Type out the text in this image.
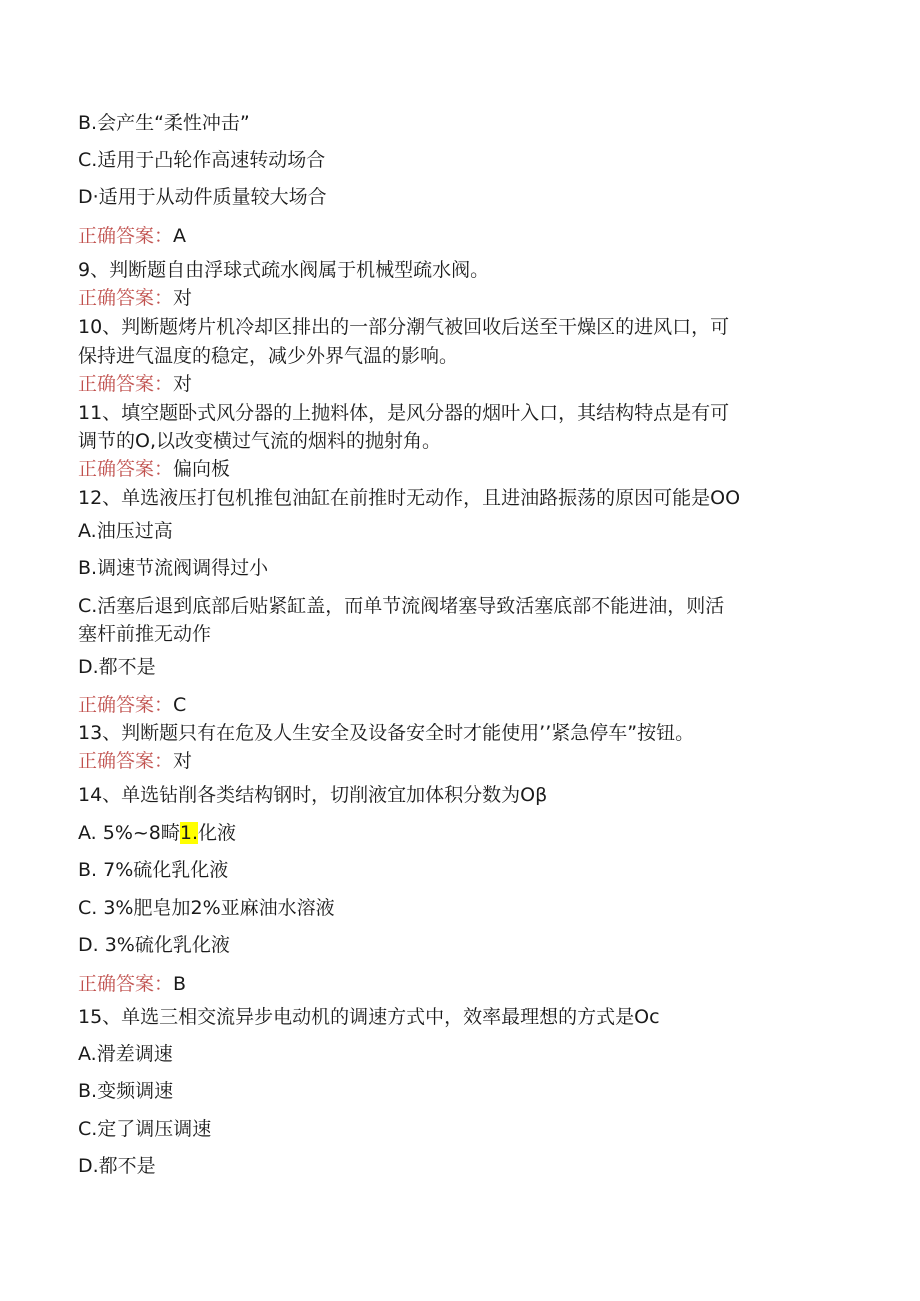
B.会产生“柔性冲击”
C.适用于凸轮作高速转动场合
D·适用于从动件质量较大场合
正确答案：A
9、判断题自由浮球式疏水阀属于机械型疏水阀。
正确答案：对
10、判断题烤片机冷却区排出的一部分潮气被回收后送至干燥区的进风口，可
保持进气温度的稳定，减少外界气温的影响。
正确答案：对
11、填空题卧式风分器的上抛料体，是风分器的烟叶入口，其结构特点是有可
调节的O,以改变横过气流的烟料的抛射角。
正确答案：偏向板
12、单选液压打包机推包油缸在前推时无动作，且进油路振荡的原因可能是OO
A.油压过高
B.调速节流阀调得过小
C.活塞后退到底部后贴紧缸盖，而单节流阀堵塞导致活塞底部不能进油，则活
塞杆前推无动作
D.都不是
正确答案：C
13、判断题只有在危及人生安全及设备安全时才能使用’’紧急停车”按钮。
正确答案：对
14、单选钻削各类结构钢时，切削液宜加体积分数为Oβ
A. 5%~8畸1.化液
B. 7%硫化乳化液
C. 3%肥皂加2%亚麻油水溶液
D. 3%硫化乳化液
正确答案：B
15、单选三相交流异步电动机的调速方式中，效率最理想的方式是Oc
A.滑差调速
B.变频调速
C.定了调压调速
D.都不是
